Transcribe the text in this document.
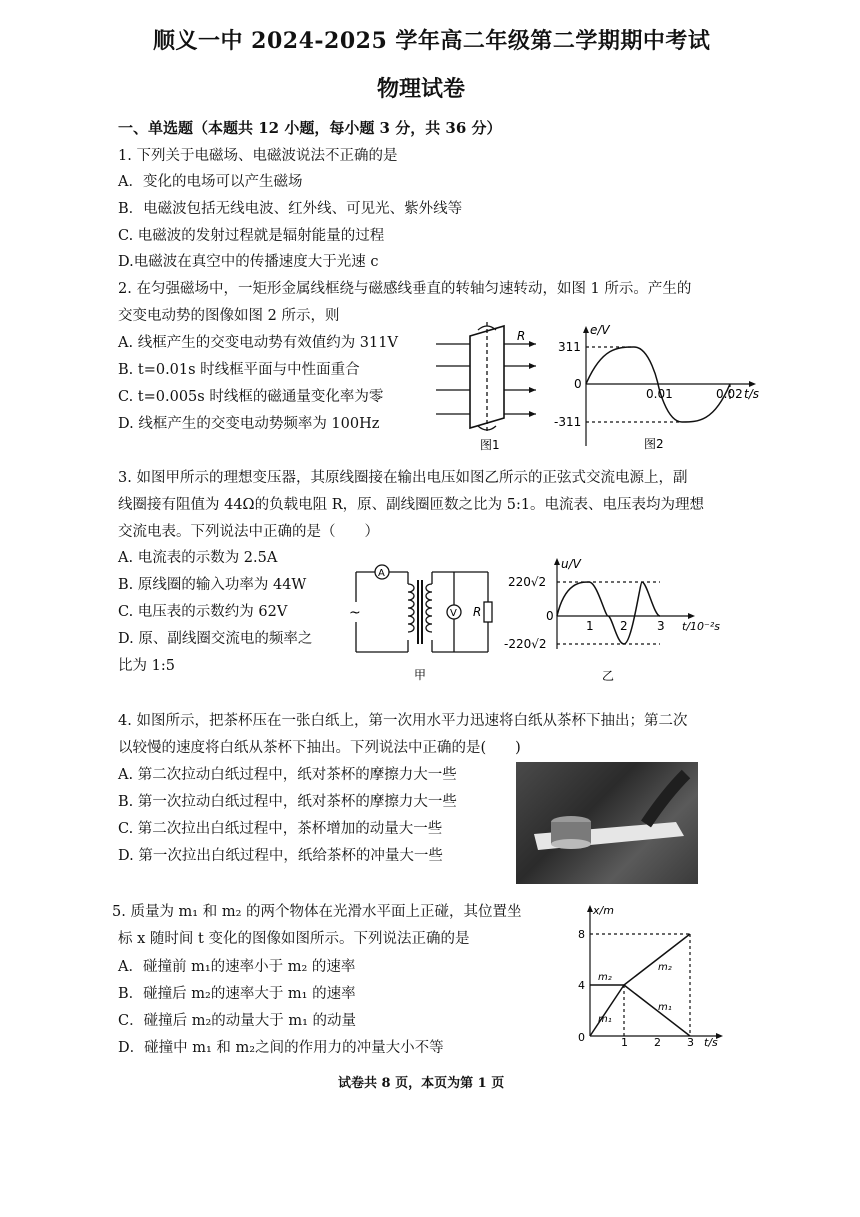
顺义一中 2024-2025 学年高二年级第二学期期中考试
物理试卷
一、单选题（本题共 12 小题，每小题 3 分，共 36 分）
1. 下列关于电磁场、电磁波说法不正确的是
A．变化的电场可以产生磁场
B．电磁波包括无线电波、红外线、可见光、紫外线等
C. 电磁波的发射过程就是辐射能量的过程
D.电磁波在真空中的传播速度大于光速 c
2. 在匀强磁场中，一矩形金属线框绕与磁感线垂直的转轴匀速转动，如图 1 所示。产生的
交变电动势的图像如图 2 所示，则
A. 线框产生的交变电动势有效值约为 311V
B. t=0.01s 时线框平面与中性面重合
C. t=0.005s 时线框的磁通量变化率为零
D. 线框产生的交变电动势频率为 100Hz
R
图1
e/V
311
0
-311
0.01	0.02 t/s
图2
3. 如图甲所示的理想变压器，其原线圈接在输出电压如图乙所示的正弦式交流电源上，副
线圈接有阻值为 44Ω的负载电阻 R，原、副线圈匝数之比为 5:1。电流表、电压表均为理想
交流电表。下列说法中正确的是（　　）
A. 电流表的示数为 2.5A
B. 原线圈的输入功率为 44W
C. 电压表的示数约为 62V
D. 原、副线圈交流电的频率之
比为 1:5
A
V R
~
甲
u/V
220√2
0
-220√2
1 2 3 t/10⁻²s
乙
4. 如图所示，把茶杯压在一张白纸上，第一次用水平力迅速将白纸从茶杯下抽出；第二次
以较慢的速度将白纸从茶杯下抽出。下列说法中正确的是(　　)
A. 第二次拉动白纸过程中，纸对茶杯的摩擦力大一些
B. 第一次拉动白纸过程中，纸对茶杯的摩擦力大一些
C. 第二次拉出白纸过程中，茶杯增加的动量大一些
D. 第一次拉出白纸过程中，纸给茶杯的冲量大一些
5. 质量为 m₁ 和 m₂ 的两个物体在光滑水平面上正碰，其位置坐
标 x 随时间 t 变化的图像如图所示。下列说法正确的是
A．碰撞前 m₁的速率小于 m₂ 的速率
B．碰撞后 m₂的速率大于 m₁ 的速率
C．碰撞后 m₂的动量大于 m₁ 的动量
D．碰撞中 m₁ 和 m₂之间的作用力的冲量大小不等
x/m
8
4
0	1 2 3 t/s
m₂
m₁
m₂
m₁
试卷共 8 页，本页为第 1 页
